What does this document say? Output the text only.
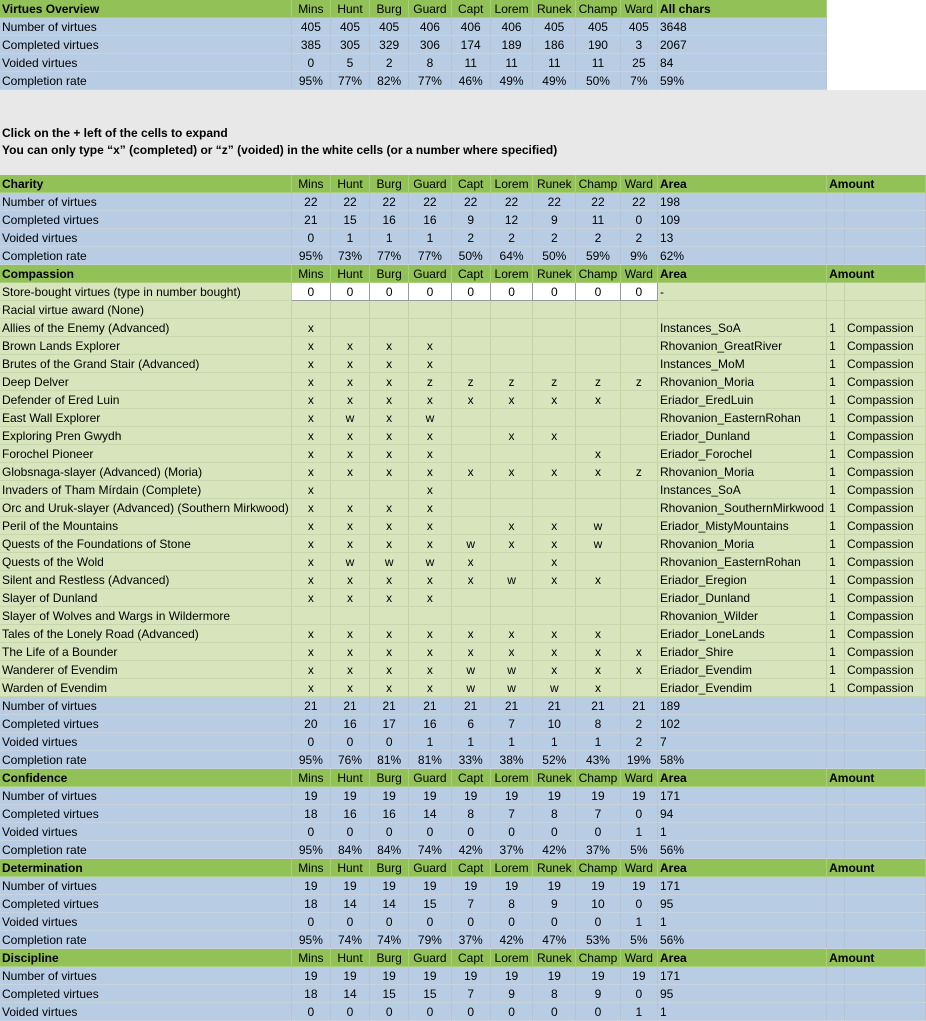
Virtues Overview	Mins	Hunt	Burg	Guard	Capt	Lorem	Runek	Champ	Ward	All chars		
Number of virtues	405	405	405	406	406	406	405	405	405	3648		
Completed virtues	385	305	329	306	174	189	186	190	3	2067		
Voided virtues	0	5	2	8	11	11	11	11	25	84		
Completion rate	95%	77%	82%	77%	46%	49%	49%	50%	7%	59%		

Click on the + left of the cells to expand												
You can only type “x” (completed) or “z” (voided) in the white cells (or a number where specified)												

Charity	Mins	Hunt	Burg	Guard	Capt	Lorem	Runek	Champ	Ward	Area	Amount	
Number of virtues	22	22	22	22	22	22	22	22	22	198		
Completed virtues	21	15	16	16	9	12	9	11	0	109		
Voided virtues	0	1	1	1	2	2	2	2	2	13		
Completion rate	95%	73%	77%	77%	50%	64%	50%	59%	9%	62%		
Compassion	Mins	Hunt	Burg	Guard	Capt	Lorem	Runek	Champ	Ward	Area	Amount	
Store-bought virtues (type in number bought)	0	0	0	0	0	0	0	0	0	-		
Racial virtue award (None)												
Allies of the Enemy (Advanced)	x									Instances_SoA	1	Compassion
Brown Lands Explorer	x	x	x	x						Rhovanion_GreatRiver	1	Compassion
Brutes of the Grand Stair (Advanced)	x	x	x	x						Instances_MoM	1	Compassion
Deep Delver	x	x	x	z	z	z	z	z	z	Rhovanion_Moria	1	Compassion
Defender of Ered Luin	x	x	x	x	x	x	x	x		Eriador_EredLuin	1	Compassion
East Wall Explorer	x	w	x	w						Rhovanion_EasternRohan	1	Compassion
Exploring Pren Gwydh	x	x	x	x		x	x			Eriador_Dunland	1	Compassion
Forochel Pioneer	x	x	x	x				x		Eriador_Forochel	1	Compassion
Globsnaga-slayer (Advanced) (Moria)	x	x	x	x	x	x	x	x	z	Rhovanion_Moria	1	Compassion
Invaders of Tham Mírdain (Complete)	x			x						Instances_SoA	1	Compassion
Orc and Uruk-slayer (Advanced) (Southern Mirkwood)	x	x	x	x						Rhovanion_SouthernMirkwood	1	Compassion
Peril of the Mountains	x	x	x	x		x	x	w		Eriador_MistyMountains	1	Compassion
Quests of the Foundations of Stone	x	x	x	x	w	x	x	w		Rhovanion_Moria	1	Compassion
Quests of the Wold	x	w	w	w	x		x			Rhovanion_EasternRohan	1	Compassion
Silent and Restless (Advanced)	x	x	x	x	x	w	x	x		Eriador_Eregion	1	Compassion
Slayer of Dunland	x	x	x	x						Eriador_Dunland	1	Compassion
Slayer of Wolves and Wargs in Wildermore										Rhovanion_Wilder	1	Compassion
Tales of the Lonely Road (Advanced)	x	x	x	x	x	x	x	x		Eriador_LoneLands	1	Compassion
The Life of a Bounder	x	x	x	x	x	x	x	x	x	Eriador_Shire	1	Compassion
Wanderer of Evendim	x	x	x	x	w	w	x	x	x	Eriador_Evendim	1	Compassion
Warden of Evendim	x	x	x	x	w	w	w	x		Eriador_Evendim	1	Compassion
Number of virtues	21	21	21	21	21	21	21	21	21	189		
Completed virtues	20	16	17	16	6	7	10	8	2	102		
Voided virtues	0	0	0	1	1	1	1	1	2	7		
Completion rate	95%	76%	81%	81%	33%	38%	52%	43%	19%	58%		
Confidence	Mins	Hunt	Burg	Guard	Capt	Lorem	Runek	Champ	Ward	Area	Amount	
Number of virtues	19	19	19	19	19	19	19	19	19	171		
Completed virtues	18	16	16	14	8	7	8	7	0	94		
Voided virtues	0	0	0	0	0	0	0	0	1	1		
Completion rate	95%	84%	84%	74%	42%	37%	42%	37%	5%	56%		
Determination	Mins	Hunt	Burg	Guard	Capt	Lorem	Runek	Champ	Ward	Area	Amount	
Number of virtues	19	19	19	19	19	19	19	19	19	171		
Completed virtues	18	14	14	15	7	8	9	10	0	95		
Voided virtues	0	0	0	0	0	0	0	0	1	1		
Completion rate	95%	74%	74%	79%	37%	42%	47%	53%	5%	56%		
Discipline	Mins	Hunt	Burg	Guard	Capt	Lorem	Runek	Champ	Ward	Area	Amount	
Number of virtues	19	19	19	19	19	19	19	19	19	171		
Completed virtues	18	14	15	15	7	9	8	9	0	95		
Voided virtues	0	0	0	0	0	0	0	0	1	1		
